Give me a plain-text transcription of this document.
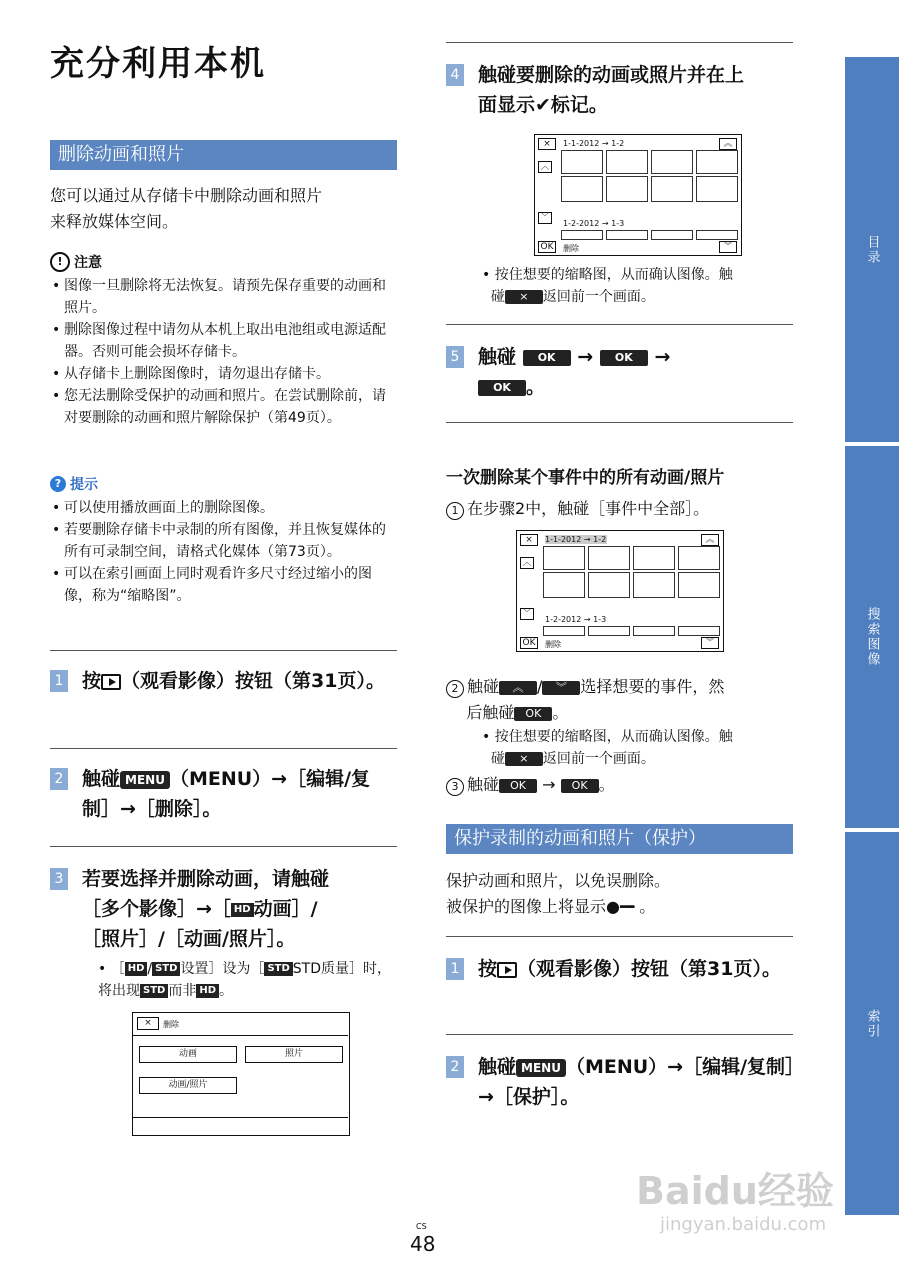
目录
搜索图像
索引
充分利用本机
删除动画和照片
您可以通过从存储卡中删除动画和照片
来释放媒体空间。
! 注意
• 图像一旦删除将无法恢复。请预先保存重要的动画和照片。
• 删除图像过程中请勿从本机上取出电池组或电源适配器。否则可能会损坏存储卡。
• 从存储卡上删除图像时，请勿退出存储卡。
• 您无法删除受保护的动画和照片。在尝试删除前，请对要删除的动画和照片解除保护（第49页）。
? 提示
• 可以使用播放画面上的删除图像。
• 若要删除存储卡中录制的所有图像，并且恢复媒体的所有可录制空间，请格式化媒体（第73页）。
• 可以在索引画面上同时观看许多尺寸经过缩小的图像，称为“缩略图”。
1 按 （观看影像）按钮（第31页）。
2 触碰 MENU （MENU）→［编辑/复制］→［删除］。
3 若要选择并删除动画，请触碰
［多个影像］→［ HD 动画］/
［照片］/［动画/照片］。
• ［ HD / STD 设置］设为［ STD STD质量］时，将出现 STD 而非 HD 。
×	删除
动画	照片
动画/照片
4 触碰要删除的动画或照片并在上
面显示✔标记。
×	1-1-2012 → 1-2	︽
︿
﹀
1-2-2012 → 1-3
OK	删除	︾
• 按住想要的缩略图，从而确认图像。触
碰 × 返回前一个画面。
5 触碰 OK → OK →
OK 。
一次删除某个事件中的所有动画/照片
1 在步骤2中，触碰［事件中全部］。
×	1-1-2012 → 1-2	︽
︿
﹀
1-2-2012 → 1-3
OK	删除	︾
2 触碰 ︽ / ︾ 选择想要的事件，然
后触碰 OK 。
• 按住想要的缩略图，从而确认图像。触
碰 × 返回前一个画面。
3 触碰 OK → OK 。
保护录制的动画和照片（保护）
保护动画和照片，以免误删除。
被保护的图像上将显示●━╸。
1 按 （观看影像）按钮（第31页）。
2 触碰 MENU （MENU）→［编辑/复制］→［保护］。
Baidu经验
jingyan.baidu.com
CS
48
